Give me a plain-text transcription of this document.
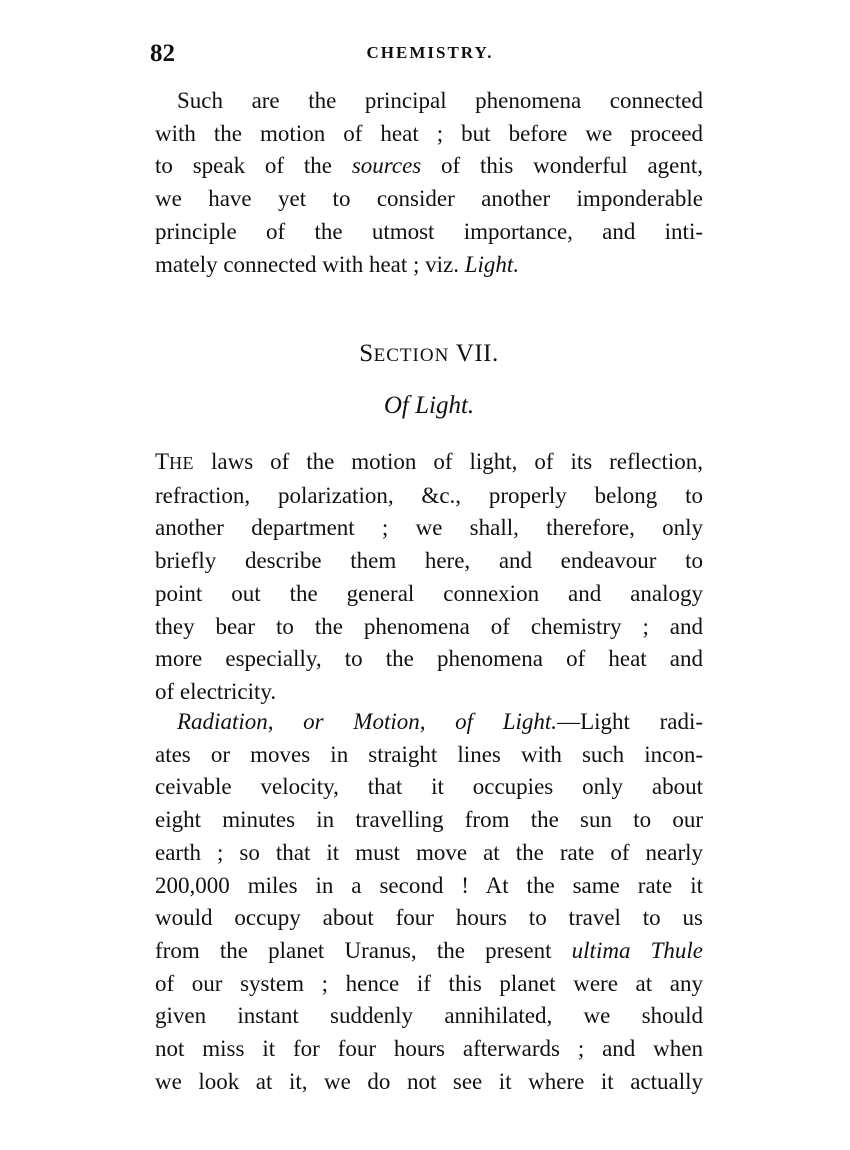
82	CHEMISTRY.
Such are the principal phenomena connected
with the motion of heat ; but before we proceed
to speak of the sources of this wonderful agent,
we have yet to consider another imponderable
principle of the utmost importance, and inti-
mately connected with heat ; viz. Light.
SECTION VII.
Of Light.
THE laws of the motion of light, of its reflection,
refraction, polarization, &c., properly belong to
another department ; we shall, therefore, only
briefly describe them here, and endeavour to
point out the general connexion and analogy
they bear to the phenomena of chemistry ; and
more especially, to the phenomena of heat and
of electricity.
Radiation, or Motion, of Light.—Light radi-
ates or moves in straight lines with such incon-
ceivable velocity, that it occupies only about
eight minutes in travelling from the sun to our
earth ; so that it must move at the rate of nearly
200,000 miles in a second ! At the same rate it
would occupy about four hours to travel to us
from the planet Uranus, the present ultima Thule
of our system ; hence if this planet were at any
given instant suddenly annihilated, we should
not miss it for four hours afterwards ; and when
we look at it, we do not see it where it actually
